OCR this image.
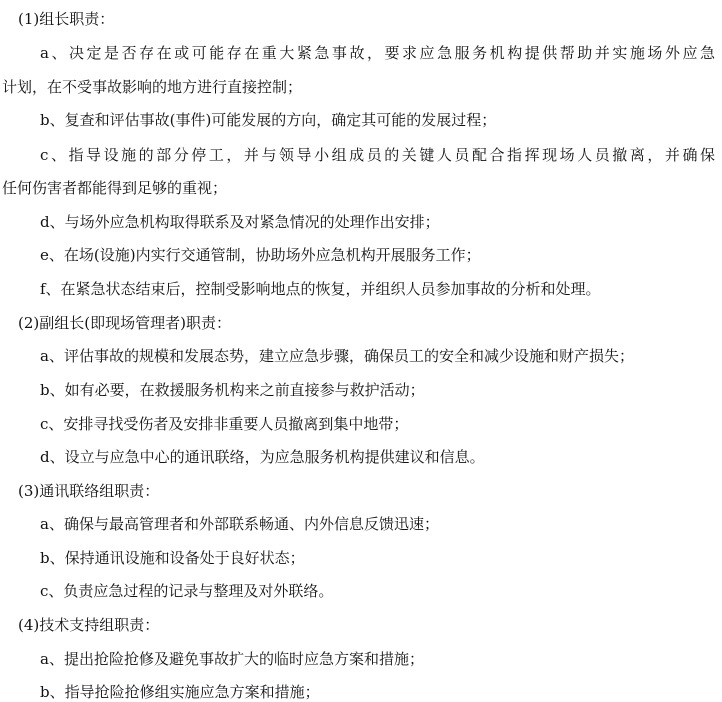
(1)组长职责：
a、决定是否存在或可能存在重大紧急事故，要求应急服务机构提供帮助并实施场外应急
计划，在不受事故影响的地方进行直接控制；
b、复查和评估事故(事件)可能发展的方向，确定其可能的发展过程；
c、指导设施的部分停工，并与领导小组成员的关键人员配合指挥现场人员撤离，并确保
任何伤害者都能得到足够的重视；
d、与场外应急机构取得联系及对紧急情况的处理作出安排；
e、在场(设施)内实行交通管制，协助场外应急机构开展服务工作；
f、在紧急状态结束后，控制受影响地点的恢复，并组织人员参加事故的分析和处理。
(2)副组长(即现场管理者)职责：
a、评估事故的规模和发展态势，建立应急步骤，确保员工的安全和减少设施和财产损失；
b、如有必要，在救援服务机构来之前直接参与救护活动；
c、安排寻找受伤者及安排非重要人员撤离到集中地带；
d、设立与应急中心的通讯联络，为应急服务机构提供建议和信息。
(3)通讯联络组职责：
a、确保与最高管理者和外部联系畅通、内外信息反馈迅速；
b、保持通讯设施和设备处于良好状态；
c、负责应急过程的记录与整理及对外联络。
(4)技术支持组职责：
a、提出抢险抢修及避免事故扩大的临时应急方案和措施；
b、指导抢险抢修组实施应急方案和措施；
